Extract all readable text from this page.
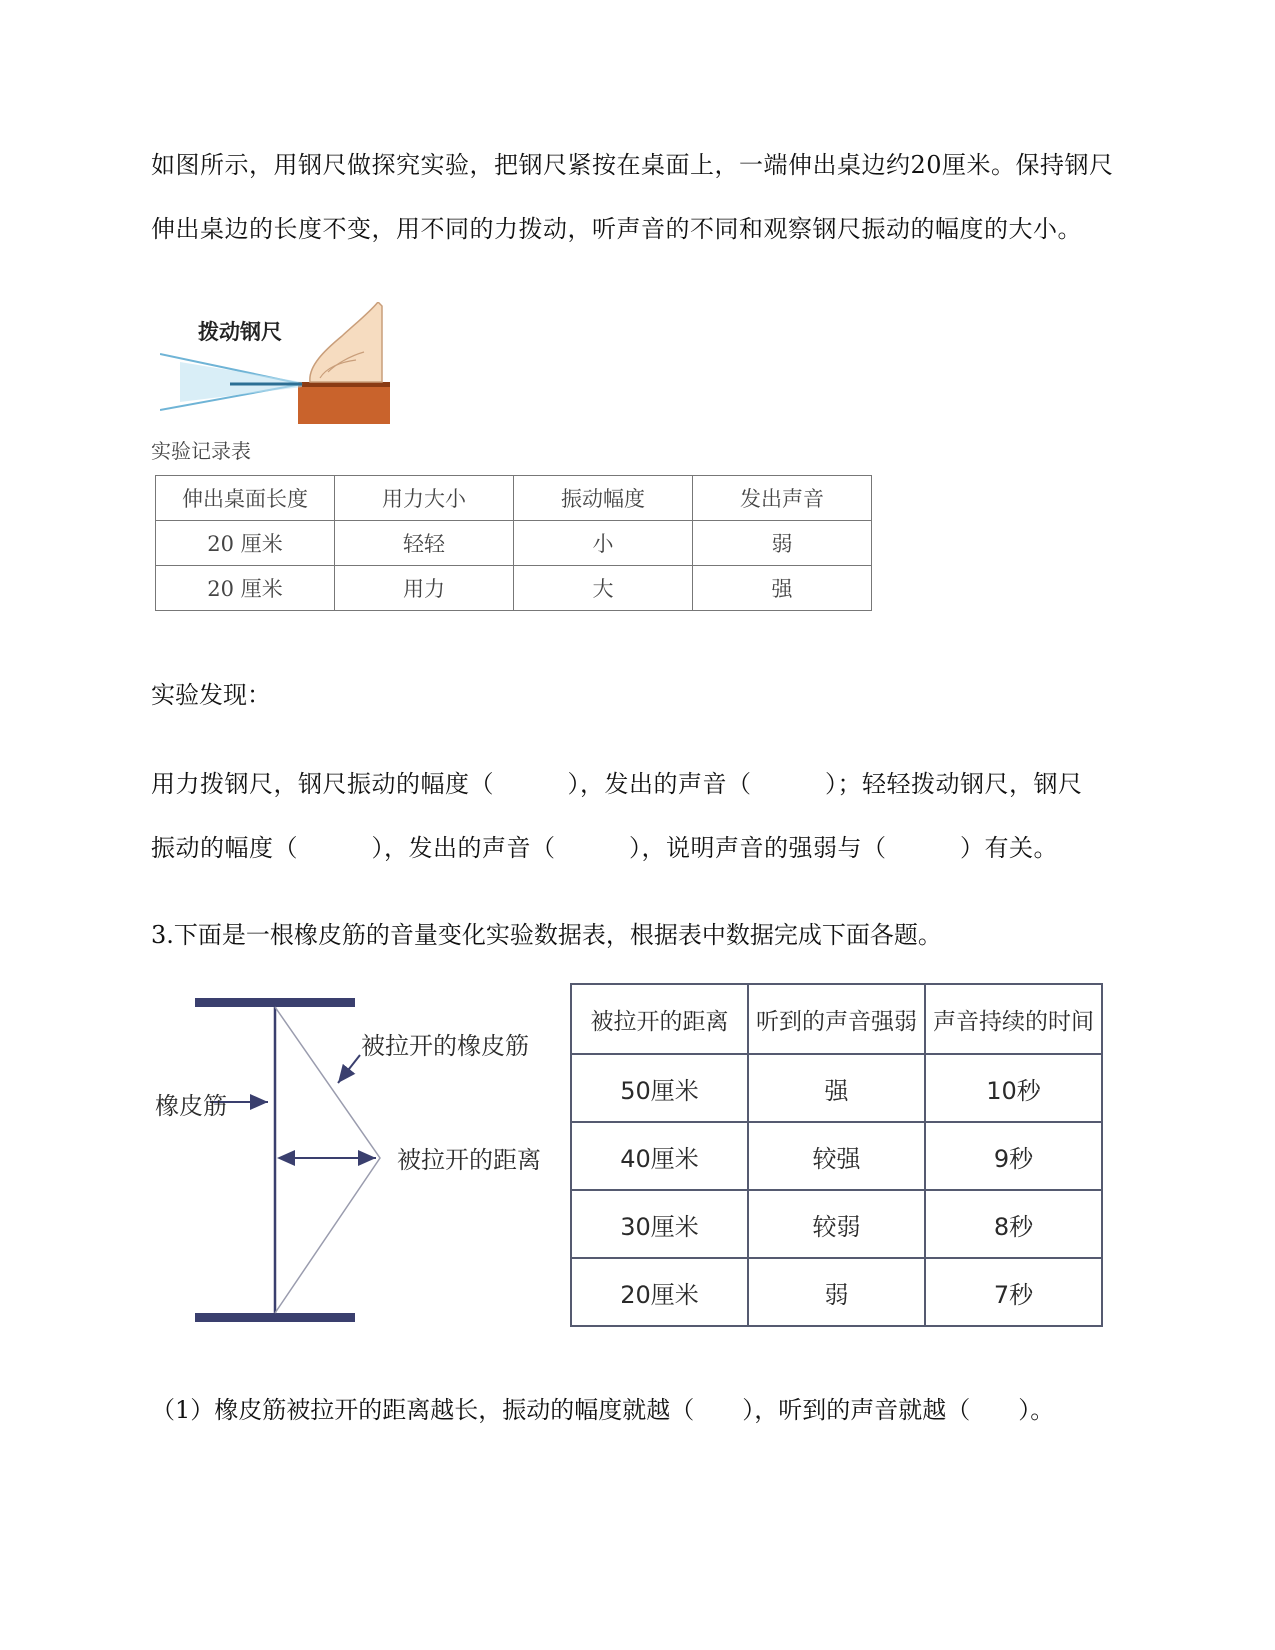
如图所示，用钢尺做探究实验，把钢尺紧按在桌面上，一端伸出桌边约20厘米。保持钢尺
伸出桌边的长度不变，用不同的力拨动，听声音的不同和观察钢尺振动的幅度的大小。
拨动钢尺
实验记录表
伸出桌面长度	用力大小	振动幅度	发出声音
20 厘米	轻轻	小	弱
20 厘米	用力	大	强
实验发现：
用力拨钢尺，钢尺振动的幅度（　　　），发出的声音（　　　）；轻轻拨动钢尺，钢尺
振动的幅度（　　　），发出的声音（　　　），说明声音的强弱与（　　　）有关。
3.下面是一根橡皮筋的音量变化实验数据表，根据表中数据完成下面各题。
橡皮筋
被拉开的橡皮筋
被拉开的距离
被拉开的距离	听到的声音强弱	声音持续的时间
50厘米	强	10秒
40厘米	较强	9秒
30厘米	较弱	8秒
20厘米	弱	7秒
（1）橡皮筋被拉开的距离越长，振动的幅度就越（　　），听到的声音就越（　　）。
